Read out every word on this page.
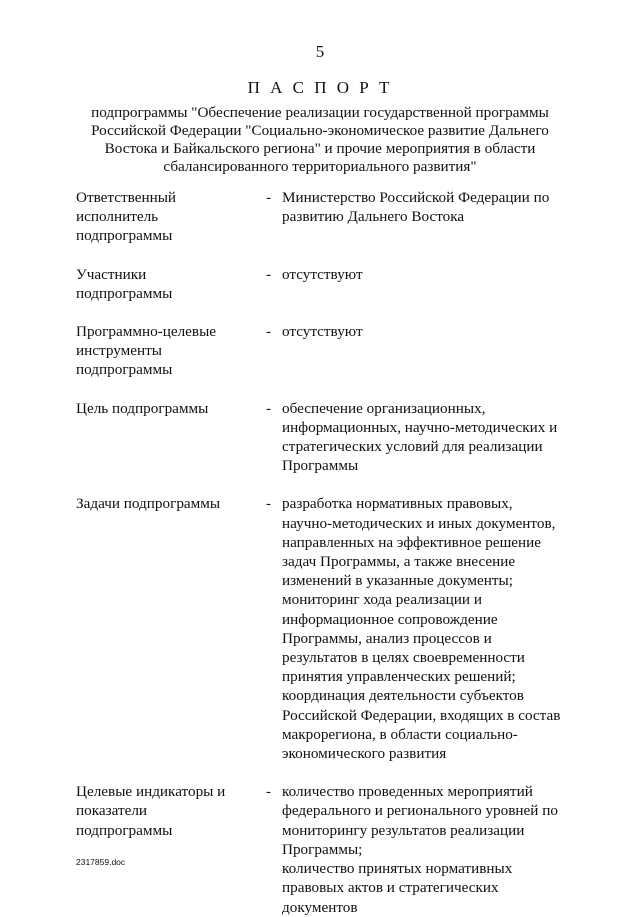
5
П А С П О Р Т
подпрограммы "Обеспечение реализации государственной программы
Российской Федерации "Социально-экономическое развитие Дальнего
Востока и Байкальского региона" и прочие мероприятия в области
сбалансированного территориального развития"
Ответственный
исполнитель
подпрограммы
- Министерство Российской Федерации по
развитию Дальнего Востока
Участники
подпрограммы
- отсутствуют
Программно-целевые
инструменты
подпрограммы
- отсутствуют
Цель подпрограммы	- обеспечение организационных,
информационных, научно-методических и
стратегических условий для реализации
Программы
Задачи подпрограммы	- разработка нормативных правовых,
научно-методических и иных документов,
направленных на эффективное решение
задач Программы, а также внесение
изменений в указанные документы;
мониторинг хода реализации и
информационное сопровождение
Программы, анализ процессов и
результатов в целях своевременности
принятия управленческих решений;
координация деятельности субъектов
Российской Федерации, входящих в состав
макрорегиона, в области социально-
экономического развития
Целевые индикаторы и
показатели
подпрограммы
- количество проведенных мероприятий
федерального и регионального уровней по
мониторингу результатов реализации
Программы;
количество принятых нормативных
правовых актов и стратегических
документов
2317859.doc
